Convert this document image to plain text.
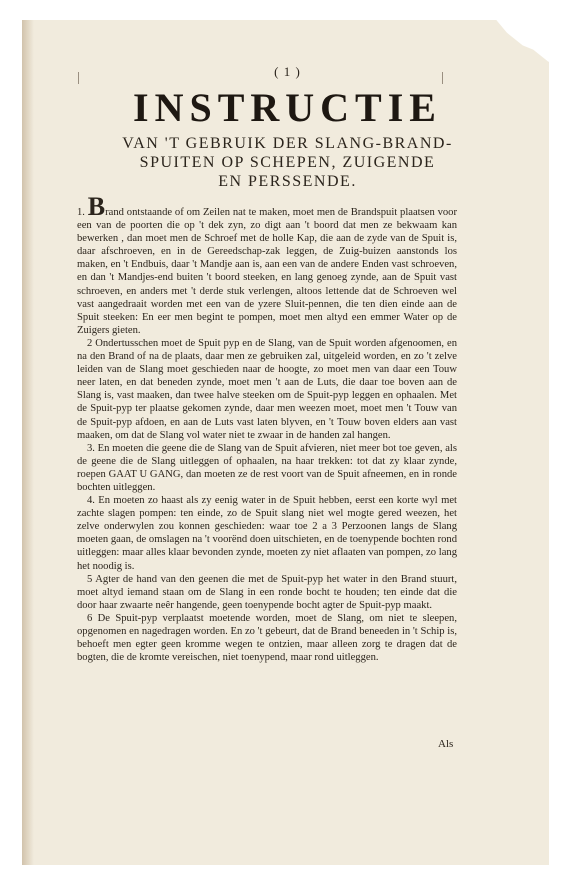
( 1 )
INSTRUCTIE
VAN 'T GEBRUIK DER SLANG-BRAND-
SPUITEN OP SCHEPEN, ZUIGENDE
EN PERSSENDE.

1. Brand ontstaande of om Zeilen nat te maken, moet men de Brandspuit plaatsen voor een van de poorten die op 't dek zyn, zo digt aan 't boord dat men ze bekwaam kan bewerken , dan moet men de Schroef met de holle Kap, die aan de zyde van de Spuit is, daar afschroeven, en in de Gereedschap-zak leggen, de Zuig-buizen aanstonds los maken, en 't Endbuis, daar 't Mandje aan is, aan een van de andere Enden vast schroeven, en dan 't Mandjes-end buiten 't boord steeken, en lang genoeg zynde, aan de Spuit vast schroeven, en anders met 't derde stuk verlengen, altoos lettende dat de Schroeven wel vast aangedraait worden met een van de yzere Sluit-pennen, die ten dien einde aan de Spuit steeken: En eer men begint te pompen, moet men altyd een emmer Water op de Zuigers gieten.

2 Ondertusschen moet de Spuit pyp en de Slang, van de Spuit worden afgenoomen, en na den Brand of na de plaats, daar men ze gebruiken zal, uitgeleid worden, en zo 't zelve leiden van de Slang moet geschieden naar de hoogte, zo moet men van daar een Touw neer laten, en dat beneden zynde, moet men 't aan de Luts, die daar toe boven aan de Slang is, vast maaken, dan twee halve steeken om de Spuit-pyp leggen en ophaalen. Met de Spuit-pyp ter plaatse gekomen zynde, daar men weezen moet, moet men 't Touw van de Spuit-pyp afdoen, en aan de Luts vast laten blyven, en 't Touw boven elders aan vast maaken, om dat de Slang vol water niet te zwaar in de handen zal hangen.

3. En moeten die geene die de Slang van de Spuit afvieren, niet meer bot toe geven, als de geene die de Slang uitleggen of ophaalen, na haar trekken: tot dat zy klaar zynde, roepen GAAT U GANG, dan moeten ze de rest voort van de Spuit afneemen, en in ronde bochten uitleggen.

4. En moeten zo haast als zy eenig water in de Spuit hebben, eerst een korte wyl met zachte slagen pompen: ten einde, zo de Spuit slang niet wel mogte gered weezen, het zelve onderwylen zou konnen geschieden: waar toe 2 a 3 Perzoonen langs de Slang moeten gaan, de omslagen na 't voorënd doen uitschieten, en de toenypende bochten rond uitleggen: maar alles klaar bevonden zynde, moeten zy niet aflaaten van pompen, zo lang het noodig is.

5 Agter de hand van den geenen die met de Spuit-pyp het water in den Brand stuurt, moet altyd iemand staan om de Slang in een ronde bocht te houden; ten einde dat die door haar zwaarte neêr hangende, geen toenypende bocht agter de Spuit-pyp maakt.

6 De Spuit-pyp verplaatst moetende worden, moet de Slang, om niet te sleepen, opgenomen en nagedragen worden. En zo 't gebeurt, dat de Brand beneeden in 't Schip is, behoeft men egter geen kromme wegen te ontzien, maar alleen zorg te dragen dat de bogten, die de kromte vereischen, niet toenypend, maar rond uitleggen.

Als
